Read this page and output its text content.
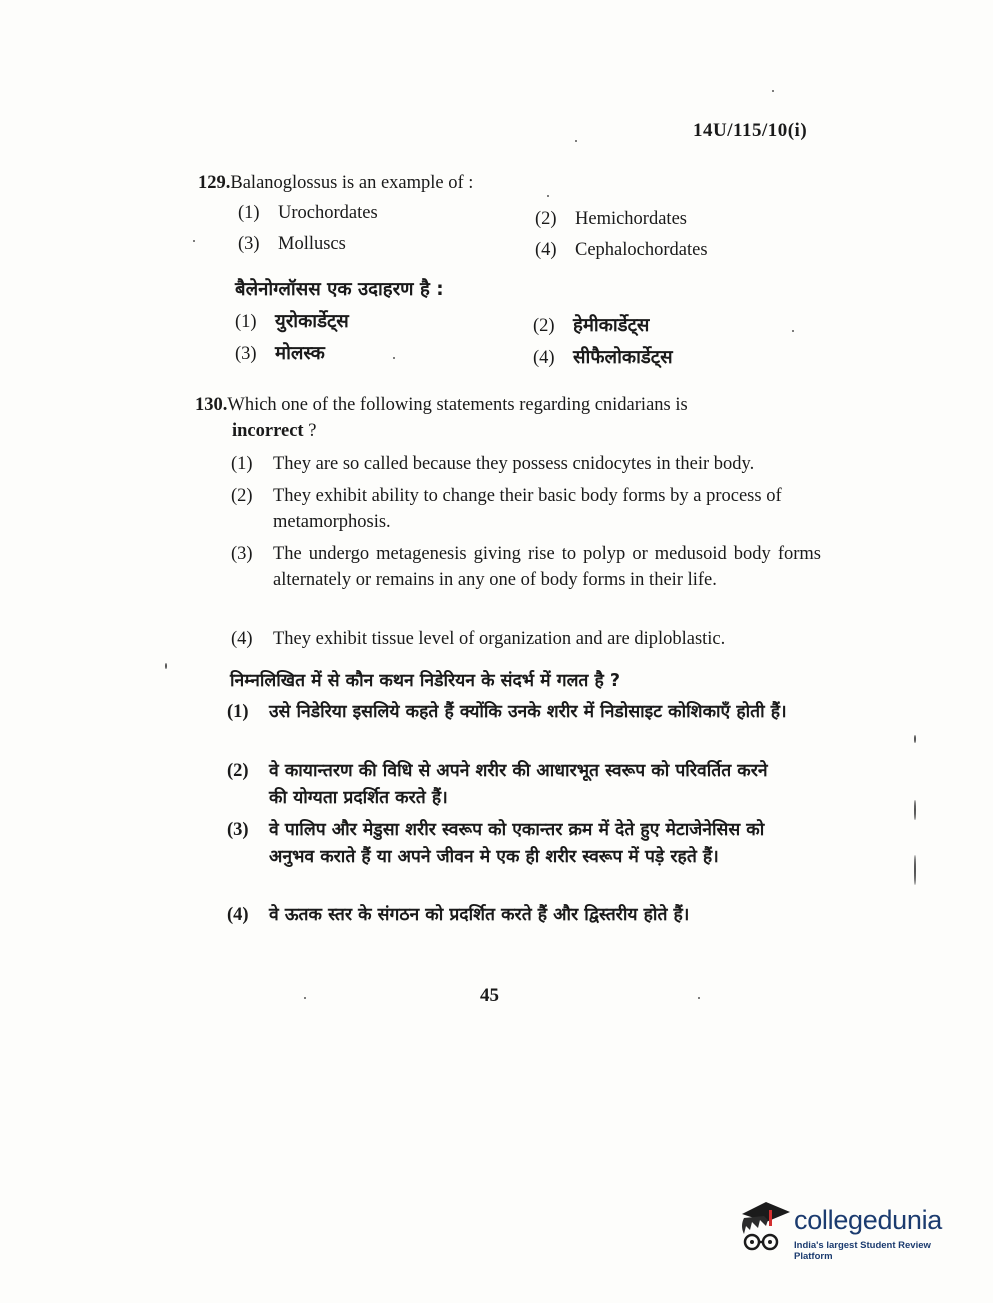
14U/115/10(i)
129.Balanoglossus is an example of :
(1) Urochordates	(2) Hemichordates
(3) Molluscs	(4) Cephalochordates
बैलेनोग्लॉसस एक उदाहरण है :
(1) युरोकार्डेट्स	(2) हेमीकार्डेट्स
(3) मोलस्क	(4) सीफैलोकार्डेट्स
130.Which one of the following statements regarding cnidarians is
incorrect ?
(1) They are so called because they possess cnidocytes in their body.
(2) They exhibit ability to change their basic body forms by a process of metamorphosis.
(3) The undergo metagenesis giving rise to polyp or medusoid body forms alternately or remains in any one of body forms in their life.
(4) They exhibit tissue level of organization and are diploblastic.
निम्नलिखित में से कौन कथन निडेरियन के संदर्भ में गलत है ?
(1) उसे निडेरिया इसलिये कहते हैं क्योंकि उनके शरीर में निडोसाइट कोशिकाएँ होती हैं।
(2) वे कायान्तरण की विधि से अपने शरीर की आधारभूत स्वरूप को परिवर्तित करने की योग्यता प्रदर्शित करते हैं।
(3) वे पालिप और मेडुसा शरीर स्वरूप को एकान्तर क्रम में देते हुए मेटाजेनेसिस को अनुभव कराते हैं या अपने जीवन मे एक ही शरीर स्वरूप में पड़े रहते हैं।
(4) वे ऊतक स्तर के संगठन को प्रदर्शित करते हैं और द्विस्तरीय होते हैं।
45
collegedunia
India's largest Student Review Platform
